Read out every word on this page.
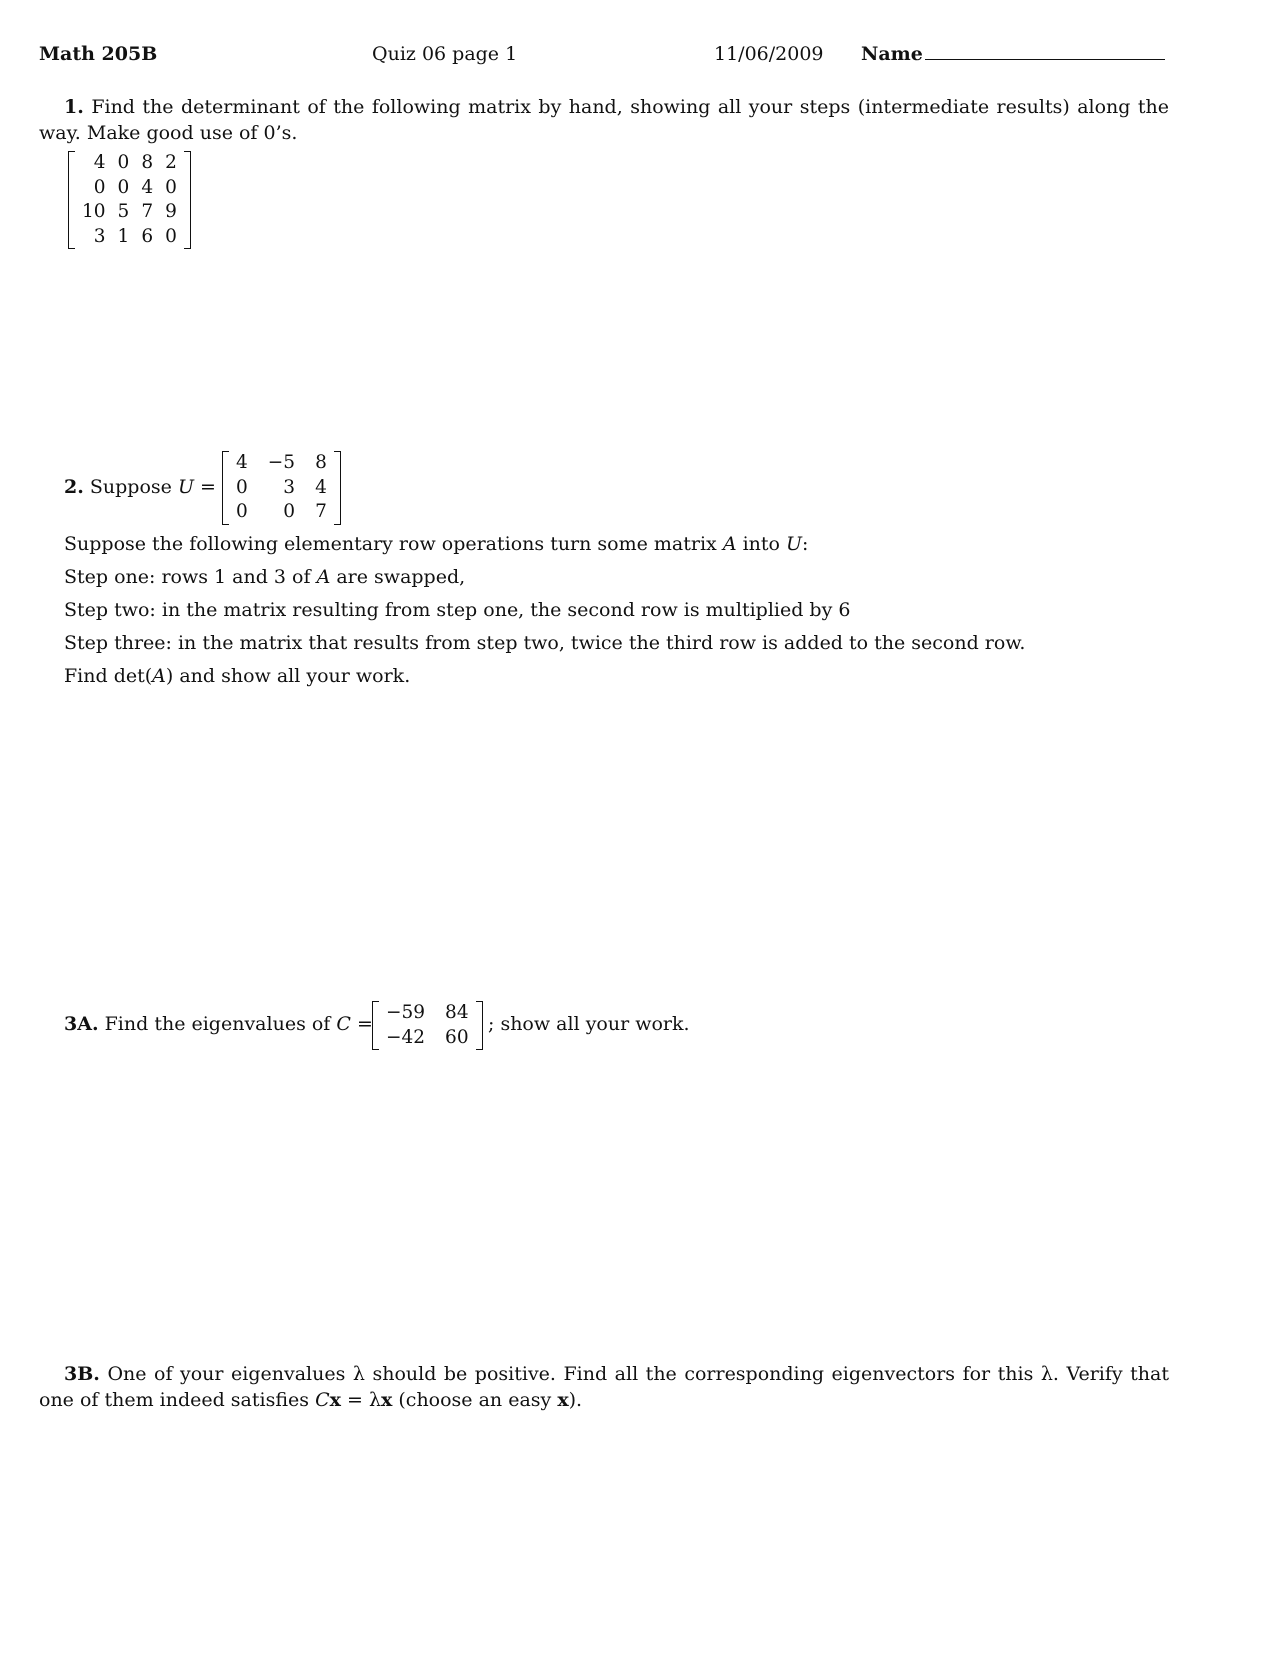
Math 205B	Quiz 06 page 1	11/06/2009 Name
1. Find the determinant of the following matrix by hand, showing all your steps (intermediate results) along the way. Make good use of 0’s.
4	0	8	2
0	0	4	0
10	5	7	9
3	1	6	0
2. Suppose U =
4	−5	8
0	3	4
0	0	7
Suppose the following elementary row operations turn some matrix A into U:
Step one: rows 1 and 3 of A are swapped,
Step two: in the matrix resulting from step one, the second row is multiplied by 6
Step three: in the matrix that results from step two, twice the third row is added to the second row.
Find det(A) and show all your work.
3A. Find the eigenvalues of C =
−59	84
−42	60
; show all your work.
3B. One of your eigenvalues λ should be positive. Find all the corresponding eigenvectors for this λ. Verify that one of them indeed satisfies Cx = λx (choose an easy x).
